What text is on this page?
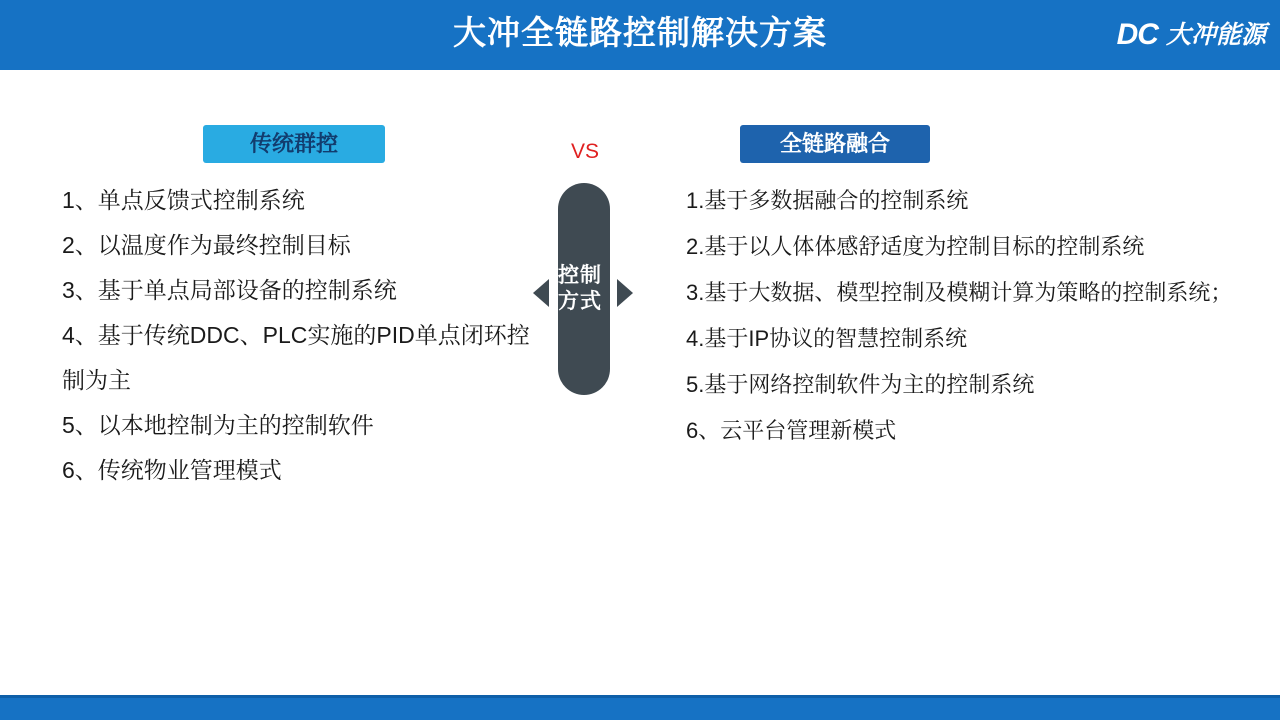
大冲全链路控制解决方案	DC 大冲能源
传统群控	全链路融合
VS
控制方式
1、单点反馈式控制系统
2、以温度作为最终控制目标
3、基于单点局部设备的控制系统
4、基于传统DDC、PLC实施的PID单点闭环控制为主
5、以本地控制为主的控制软件
6、传统物业管理模式
1.基于多数据融合的控制系统
2.基于以人体体感舒适度为控制目标的控制系统
3.基于大数据、模型控制及模糊计算为策略的控制系统；
4.基于IP协议的智慧控制系统
5.基于网络控制软件为主的控制系统
6、云平台管理新模式
